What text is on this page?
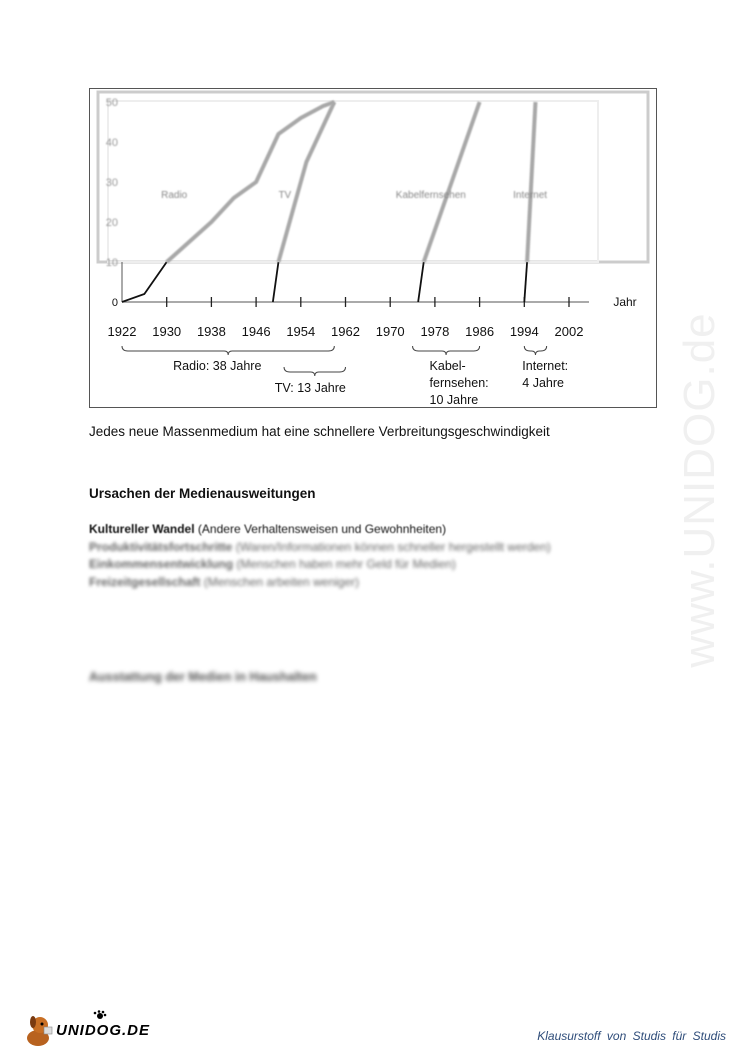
0
10
20
30
40
50
1922 1930 1938 1946 1954 1962 1970 1978 1986 1994 2002
Jahr
Radio	TV	Kabelfernsehen	Internet
Radio: 38 Jahre
TV: 13 Jahre
Kabel-
fernsehen:
10 Jahre
Internet:
4 Jahre
Jedes neue Massenmedium hat eine schnellere Verbreitungsgeschwindigkeit
Ursachen der Medienausweitungen
Kultureller Wandel (Andere Verhaltensweisen und Gewohnheiten)
Produktivitätsfortschritte (Waren/Informationen können schneller hergestellt werden)
Einkommensentwicklung (Menschen haben mehr Geld für Medien)
Freizeitgesellschaft (Menschen arbeiten weniger)
Ausstattung der Medien in Haushalten
www.UNIDOG.de
UNIDOG.DE	Klausurstoff von Studis für Studis
